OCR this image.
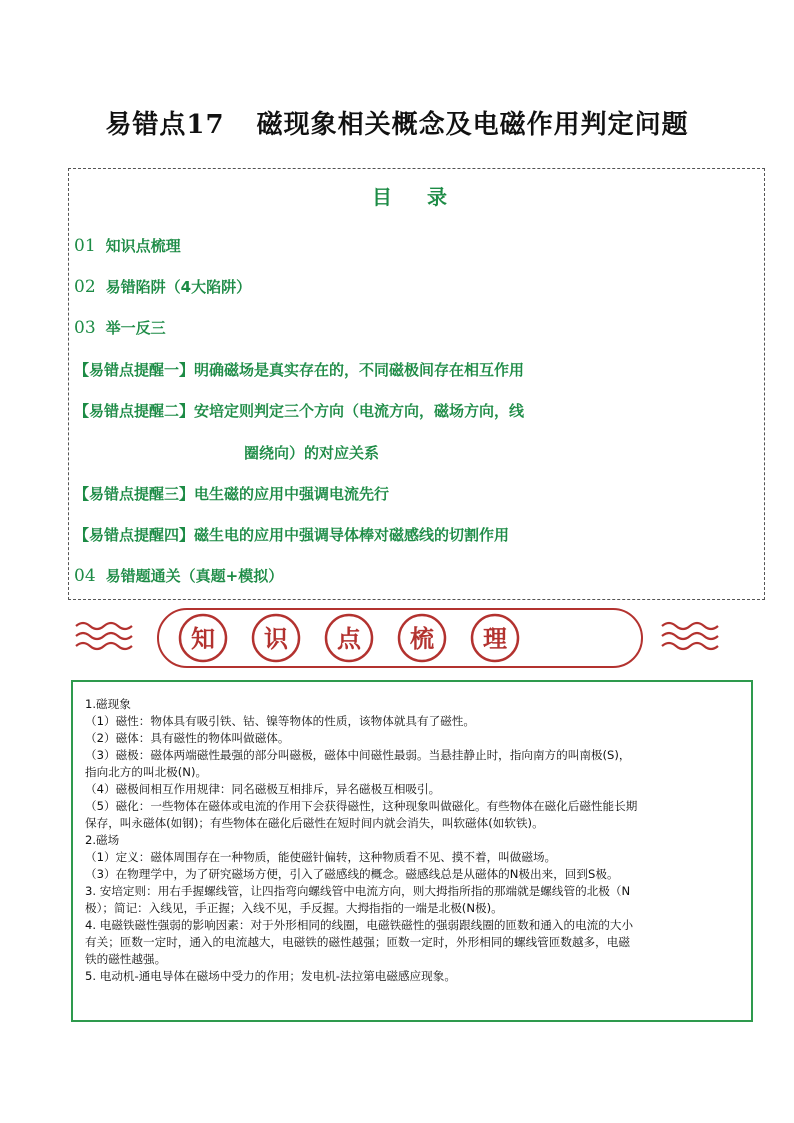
易错点17 磁现象相关概念及电磁作用判定问题
目 录
01 知识点梳理
02 易错陷阱（4大陷阱）
03 举一反三
【易错点提醒一】明确磁场是真实存在的，不同磁极间存在相互作用
【易错点提醒二】安培定则判定三个方向（电流方向，磁场方向，线
圈绕向）的对应关系
【易错点提醒三】电生磁的应用中强调电流先行
【易错点提醒四】磁生电的应用中强调导体棒对磁感线的切割作用
04 易错题通关（真题+模拟）
知 识 点 梳 理

1.磁现象

（1）磁性：物体具有吸引铁、钴、镍等物体的性质，该物体就具有了磁性。

（2）磁体：具有磁性的物体叫做磁体。

（3）磁极：磁体两端磁性最强的部分叫磁极，磁体中间磁性最弱。当悬挂静止时，指向南方的叫南极(S)，

指向北方的叫北极(N)。

（4）磁极间相互作用规律：同名磁极互相排斥，异名磁极互相吸引。

（5）磁化：一些物体在磁体或电流的作用下会获得磁性，这种现象叫做磁化。有些物体在磁化后磁性能长期

保存，叫永磁体(如钢)；有些物体在磁化后磁性在短时间内就会消失，叫软磁体(如软铁)。

2.磁场

（1）定义：磁体周围存在一种物质，能使磁针偏转，这种物质看不见、摸不着，叫做磁场。

（3）在物理学中，为了研究磁场方便，引入了磁感线的概念。磁感线总是从磁体的N极出来，回到S极。

3. 安培定则：用右手握螺线管，让四指弯向螺线管中电流方向，则大拇指所指的那端就是螺线管的北极（N

极）；简记：入线见，手正握；入线不见，手反握。大拇指指的一端是北极(N极)。

4. 电磁铁磁性强弱的影响因素：对于外形相同的线圈，电磁铁磁性的强弱跟线圈的匝数和通入的电流的大小

有关；匝数一定时，通入的电流越大，电磁铁的磁性越强；匝数一定时，外形相同的螺线管匝数越多，电磁

铁的磁性越强。

5. 电动机-通电导体在磁场中受力的作用；发电机-法拉第电磁感应现象。
